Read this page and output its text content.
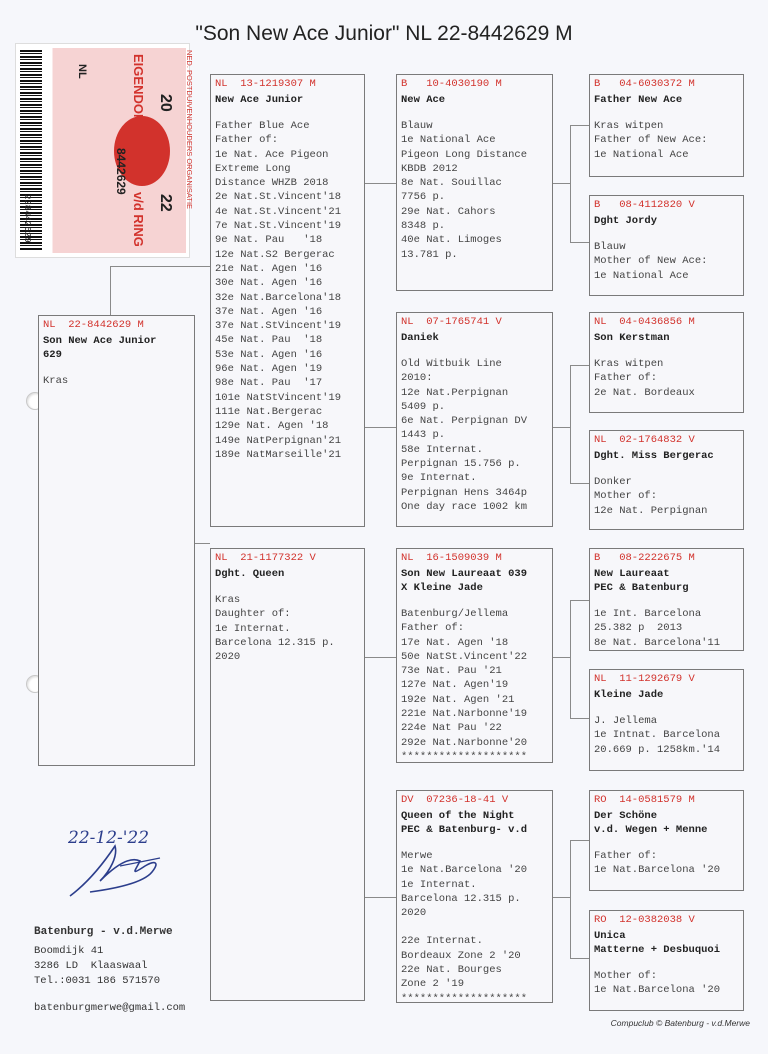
"Son New Ace Junior" NL 22-8442629 M
NED. POSTDUIVENHOUDERS ORGANISATIE
v/d RING
20
22
NL
8442629
228442629
NL  22-8442629 M
Son New Ace Junior
629
Kras
NL  13-1219307 M
New Ace Junior
Father Blue Ace
Father of:
1e Nat. Ace Pigeon
Extreme Long
Distance WHZB 2018
2e Nat.St.Vincent'18
4e Nat.St.Vincent'21
7e Nat.St.Vincent'19
9e Nat. Pau   '18
12e Nat.S2 Bergerac
21e Nat. Agen '16
30e Nat. Agen '16
32e Nat.Barcelona'18
37e Nat. Agen '16
37e Nat.StVincent'19
45e Nat. Pau  '18
53e Nat. Agen '16
96e Nat. Agen '19
98e Nat. Pau  '17
101e NatStVincent'19
111e Nat.Bergerac
129e Nat. Agen '18
149e NatPerpignan'21
189e NatMarseille'21
NL  21-1177322 V
Dght. Queen
Kras
Daughter of:
1e Internat.
Barcelona 12.315 p.
2020
B   10-4030190 M
New Ace
Blauw
1e National Ace
Pigeon Long Distance
KBDB 2012
8e Nat. Souillac
7756 p.
29e Nat. Cahors
8348 p.
40e Nat. Limoges
13.781 p.
NL  07-1765741 V
Daniek
Old Witbuik Line
2010:
12e Nat.Perpignan
5409 p.
6e Nat. Perpignan DV
1443 p.
58e Internat.
Perpignan 15.756 p.
9e Internat.
Perpignan Hens 3464p
One day race 1002 km
NL  16-1509039 M
Son New Laureaat 039
X Kleine Jade
Batenburg/Jellema
Father of:
17e Nat. Agen '18
50e NatSt.Vincent'22
73e Nat. Pau '21
127e Nat. Agen'19
192e Nat. Agen '21
221e Nat.Narbonne'19
224e Nat Pau '22
292e Nat.Narbonne'20
********************
DV  07236-18-41 V
Queen of the Night
PEC & Batenburg- v.d
Merwe
1e Nat.Barcelona '20
1e Internat.
Barcelona 12.315 p.
2020
22e Internat.
Bordeaux Zone 2 '20
22e Nat. Bourges
Zone 2 '19
********************
B   04-6030372 M
Father New Ace
Kras witpen
Father of New Ace:
1e National Ace
B   08-4112820 V
Dght Jordy
Blauw
Mother of New Ace:
1e National Ace
NL  04-0436856 M
Son Kerstman
Kras witpen
Father of:
2e Nat. Bordeaux
NL  02-1764832 V
Dght. Miss Bergerac
Donker
Mother of:
12e Nat. Perpignan
B   08-2222675 M
New Laureaat
PEC & Batenburg
1e Int. Barcelona
25.382 p  2013
8e Nat. Barcelona'11
NL  11-1292679 V
Kleine Jade
J. Jellema
1e Intnat. Barcelona
20.669 p. 1258km.'14
RO  14-0581579 M
Der Schöne
v.d. Wegen + Menne
Father of:
1e Nat.Barcelona '20
RO  12-0382038 V
Unica
Matterne + Desbuquoi
Mother of:
1e Nat.Barcelona '20
22-12-'22
Batenburg - v.d.Merwe
Boomdijk 41
3286 LD  Klaaswaal
Tel.:0031 186 571570
batenburgmerwe@gmail.com
Compuclub © Batenburg - v.d.Merwe
